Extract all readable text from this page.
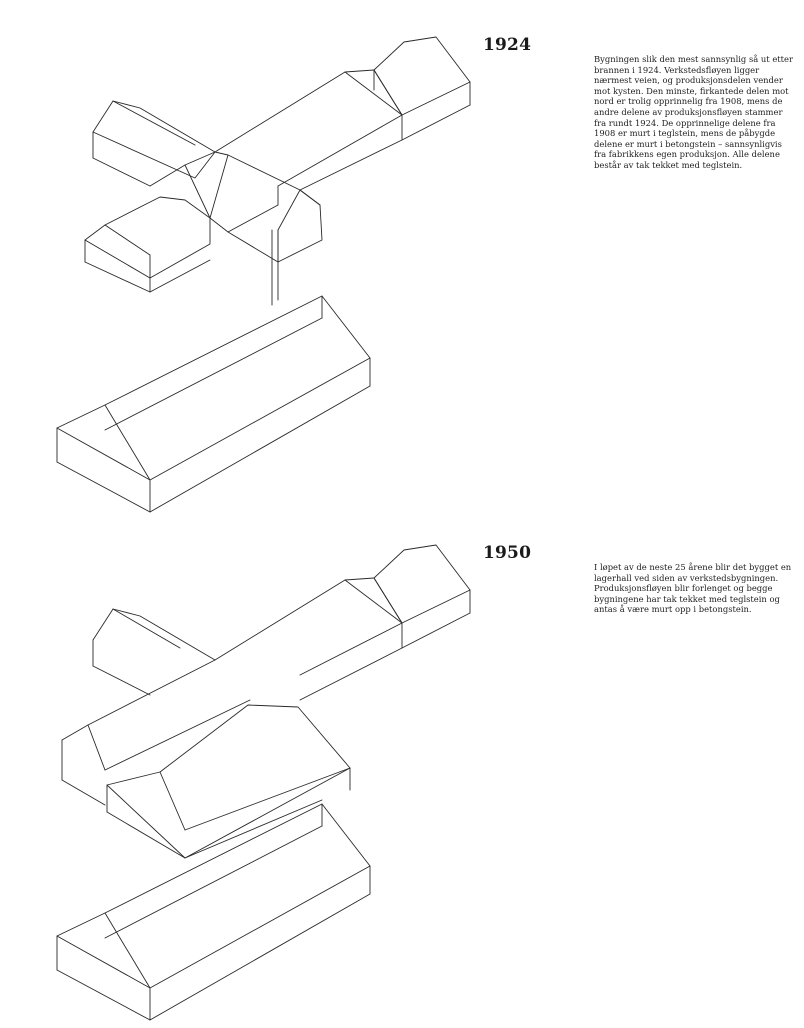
1924
Bygningen slik den mest sannsynlig så ut etter brannen i 1924. Verkstedsfløyen ligger nærmest veien, og produksjonsdelen vender mot kysten. Den minste, firkantede delen mot nord er trolig opprinnelig fra 1908, mens de andre delene av produksjonsfløyen stammer fra rundt 1924. De opprinnelige delene fra 1908 er murt i teglstein, mens de påbygde delene er murt i betongstein – sannsynligvis fra fabrikkens egen produksjon. Alle delene består av tak tekket med teglstein.
1950
I løpet av de neste 25 årene blir det bygget en lagerhall ved siden av verkstedsbygningen. Produksjonsfløyen blir forlenget og begge bygningene har tak tekket med teglstein og antas å være murt opp i betongstein.
